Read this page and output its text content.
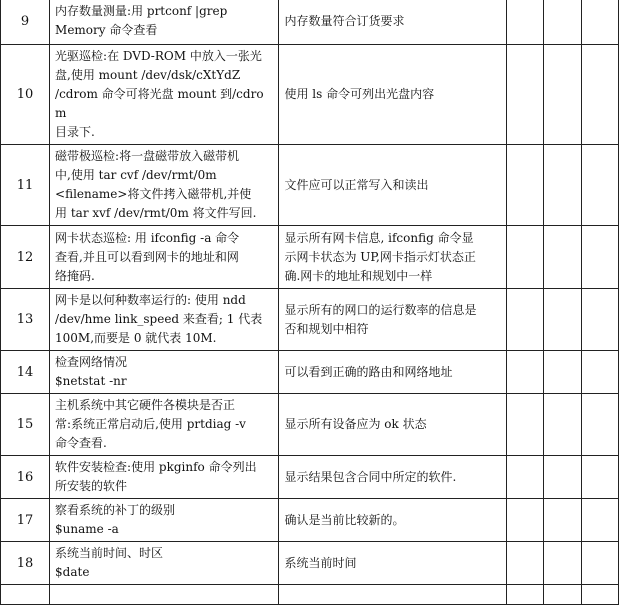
9	内存数量测量:用 prtconf |grep
Memory 命令查看	内存数量符合订货要求			
10	光驱巡检:在 DVD-ROM 中放入一张光
盘,使用 mount /dev/dsk/cXtYdZ
/cdrom 命令可将光盘 mount 到/cdrom
目录下.	使用 ls 命令可列出光盘内容			
11	磁带极巡检:将一盘磁带放入磁带机
中,使用 tar cvf /dev/rmt/0m
<filename>将文件拷入磁带机,并使
用 tar xvf /dev/rmt/0m 将文件写回.	文件应可以正常写入和读出			
12	网卡状态巡检: 用 ifconfig -a 命令
查看,并且可以看到网卡的地址和网
络掩码.	显示所有网卡信息, ifconfig 命令显
示网卡状态为 UP,网卡指示灯状态正
确.网卡的地址和规划中一样			
13	网卡是以何种数率运行的: 使用 ndd
/dev/hme link_speed 来查看; 1 代表
100M,而要是 0 就代表 10M.	显示所有的网口的运行数率的信息是
否和规划中相符			
14	检查网络情况
$netstat -nr	可以看到正确的路由和网络地址			
15	主机系统中其它硬件各模块是否正
常:系统正常启动后,使用 prtdiag -v
命令查看.	显示所有设备应为 ok 状态			
16	软件安装检查:使用 pkginfo 命令列出
所安装的软件	显示结果包含合同中所定的软件.			
17	察看系统的补丁的级别
$uname -a	确认是当前比较新的。			
18	系统当前时间、时区
$date	系统当前时间			
